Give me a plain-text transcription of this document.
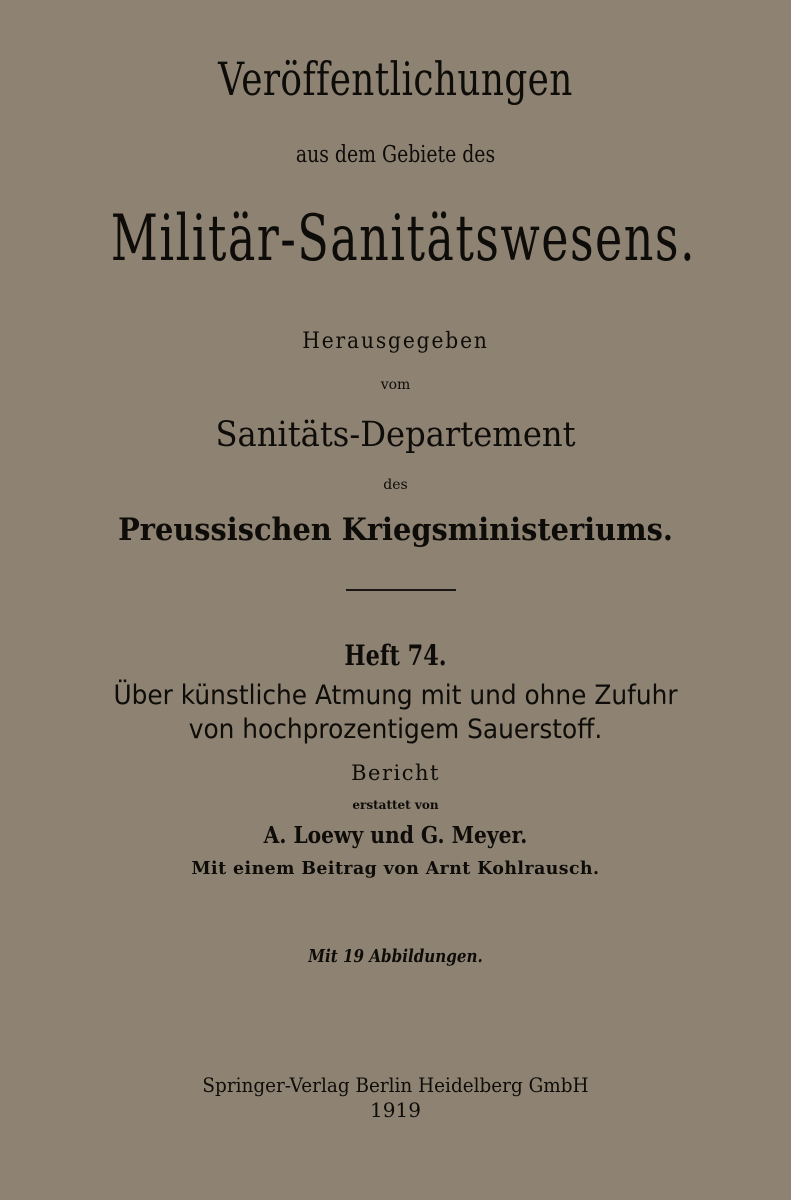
Veröffentlichungen
aus dem Gebiete des
Militär-Sanitätswesens.
Herausgegeben
vom
Sanitäts-Departement
des
Preussischen Kriegsministeriums.
Heft 74.
Über künstliche Atmung mit und ohne Zufuhr
von hochprozentigem Sauerstoff.
Bericht
erstattet von
A. Loewy und G. Meyer.
Mit einem Beitrag von Arnt Kohlrausch.
Mit 19 Abbildungen.
Springer-Verlag Berlin Heidelberg GmbH
1919
